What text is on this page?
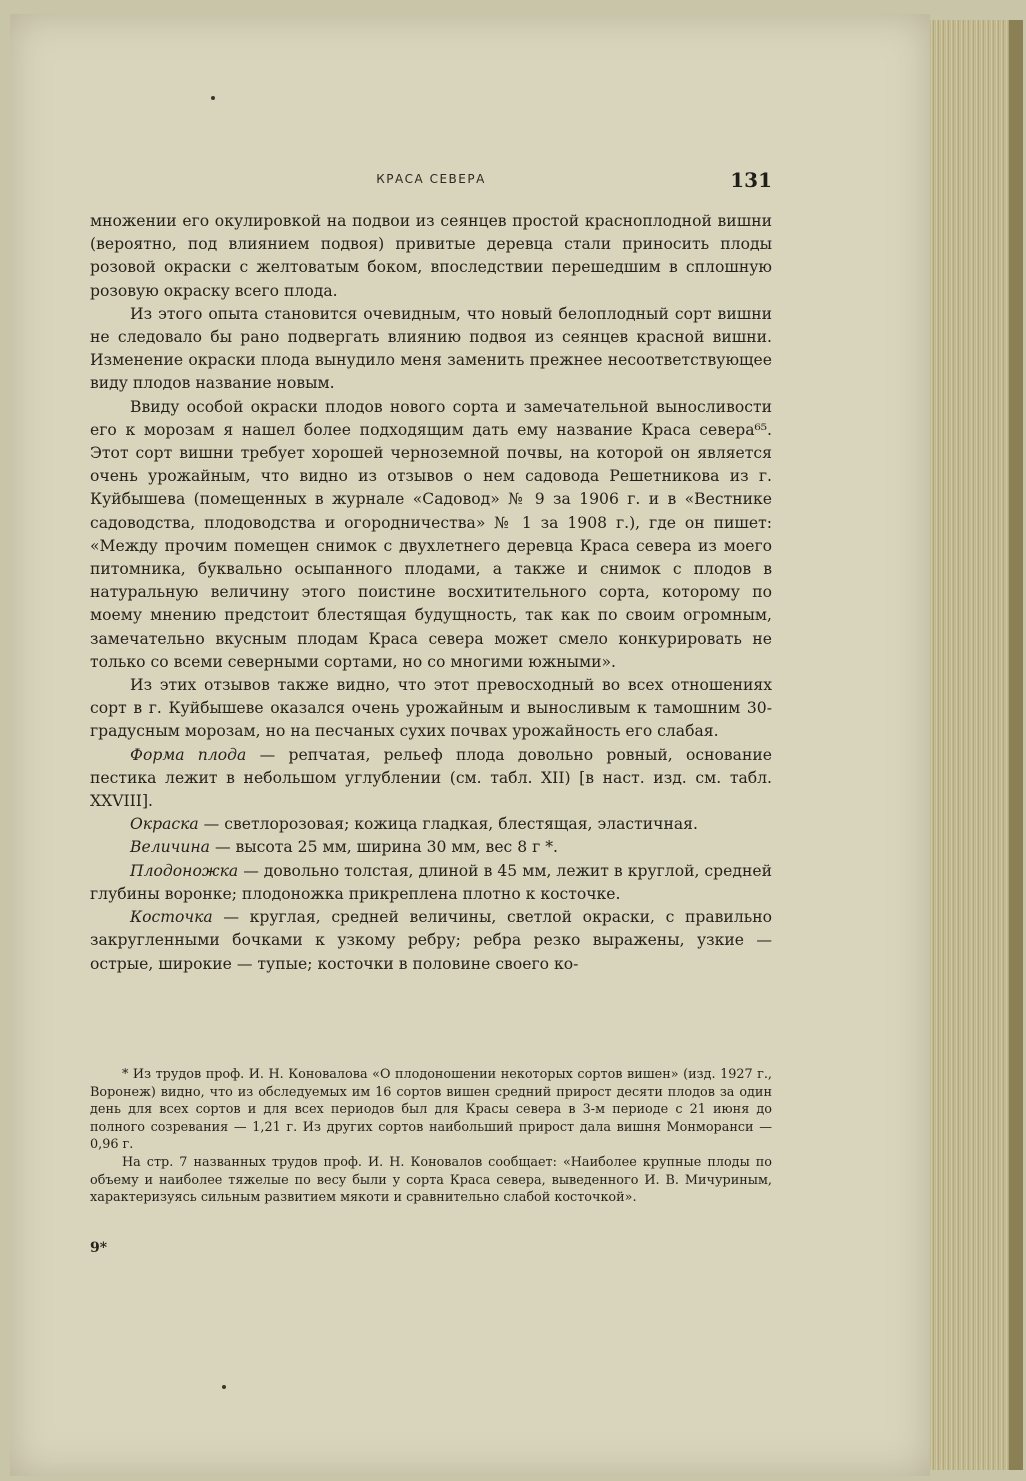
КРАСА СЕВЕРА	131

множении его окулировкой на подвои из сеянцев простой краснoплодной вишни (вероятно, под влиянием подвоя) привитые деревца стали приносить плоды розовой окраски с желтоватым боком, впоследствии перешедшим в сплошную розовую окраску всего плода.

Из этого опыта становится очевидным, что новый белоплодный сорт вишни не следовало бы рано подвергать влиянию подвоя из сеянцев красной вишни. Изменение окраски плода вынудило меня заменить прежнее несоответствующее виду плодов название новым.

Ввиду особой окраски плодов нового сорта и замечательной выносливости его к морозам я нашел более подходящим дать ему название Краса севера⁶⁵. Этот сорт вишни требует хорошей черноземной почвы, на которой он является очень урожайным, что видно из отзывов о нем садовода Решетникова из г. Куйбышева (помещенных в журнале «Садовод» № 9 за 1906 г. и в «Вестнике садоводства, плодоводства и огородничества» № 1 за 1908 г.), где он пишет: «Между прочим помещен снимок с двухлетнего деревца Краса севера из моего питомника, буквально осыпанного плодами, а также и снимок с плодов в натуральную величину этого поистине восхитительного сорта, которому по моему мнению предстоит блестящая будущность, так как по своим огромным, замечательно вкусным плодам Краса севера может смело конкурировать не только со всеми северными сортами, но со многими южными».

Из этих отзывов также видно, что этот превосходный во всех отношениях сорт в г. Куйбышеве оказался очень урожайным и выносливым к тамошним 30-градусным морозам, но на песчаных сухих почвах урожайность его слабая.

Форма плода — репчатая, рельеф плода довольно ровный, основание пестика лежит в небольшом углублении (см. табл. XII) [в наст. изд. см. табл. XXVIII].

Окраска — светлорозовая; кожица гладкая, блестящая, эластичная.

Величина — высота 25 мм, ширина 30 мм, вес 8 г *.

Плодоножка — довольно толстая, длиной в 45 мм, лежит в круглой, средней глубины воронке; плодоножка прикреплена плотно к косточке.

Косточка — круглая, средней величины, светлой окраски, с правильно закругленными бочками к узкому ребру; ребра резко выражены, узкие — острые, широкие — тупые; косточки в половине своего ко-

* Из трудов проф. И. Н. Коновалова «О плодоношении некоторых сортов вишен» (изд. 1927 г., Воронеж) видно, что из обследуемых им 16 сортов вишен средний прирост десяти плодов за один день для всех сортов и для всех периодов был для Красы севера в 3-м периоде с 21 июня до полного созревания — 1,21 г. Из других сортов наибольший прирост дала вишня Монморанси — 0,96 г.

На стр. 7 названных трудов проф. И. Н. Коновалов сообщает: «Наиболее крупные плоды по объему и наиболее тяжелые по весу были у сорта Краса севера, выведенного И. В. Мичуриным, характеризуясь сильным развитием мякоти и сравнительно слабой косточкой».

9*
